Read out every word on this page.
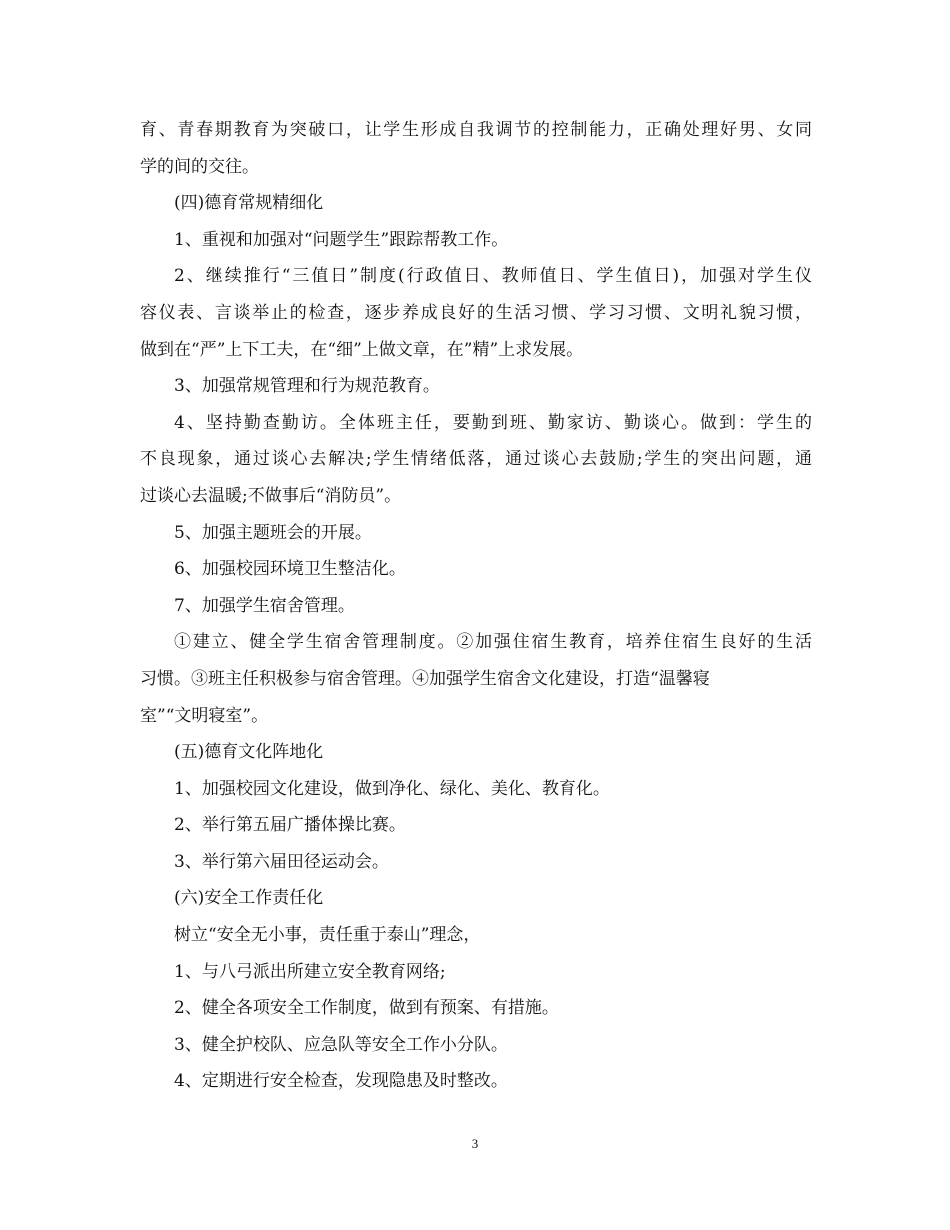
育、青春期教育为突破口，让学生形成自我调节的控制能力，正确处理好男、女同
学的间的交往。
(四)德育常规精细化
1、重视和加强对“问题学生”跟踪帮教工作。
2、继续推行“三值日”制度(行政值日、教师值日、学生值日)，加强对学生仪
容仪表、言谈举止的检查，逐步养成良好的生活习惯、学习习惯、文明礼貌习惯，
做到在“严”上下工夫，在“细”上做文章，在”精”上求发展。
3、加强常规管理和行为规范教育。
4、坚持勤查勤访。全体班主任，要勤到班、勤家访、勤谈心。做到：学生的
不良现象，通过谈心去解决;学生情绪低落，通过谈心去鼓励;学生的突出问题，通
过谈心去温暖;不做事后“消防员”。
5、加强主题班会的开展。
6、加强校园环境卫生整洁化。
7、加强学生宿舍管理。
①建立、健全学生宿舍管理制度。②加强住宿生教育，培养住宿生良好的生活
习惯。③班主任积极参与宿舍管理。④加强学生宿舍文化建设，打造“温馨寝
室”“文明寝室”。
(五)德育文化阵地化
1、加强校园文化建设，做到净化、绿化、美化、教育化。
2、举行第五届广播体操比赛。
3、举行第六届田径运动会。
(六)安全工作责任化
树立“安全无小事，责任重于泰山”理念，
1、与八弓派出所建立安全教育网络;
2、健全各项安全工作制度，做到有预案、有措施。
3、健全护校队、应急队等安全工作小分队。
4、定期进行安全检查，发现隐患及时整改。
3
